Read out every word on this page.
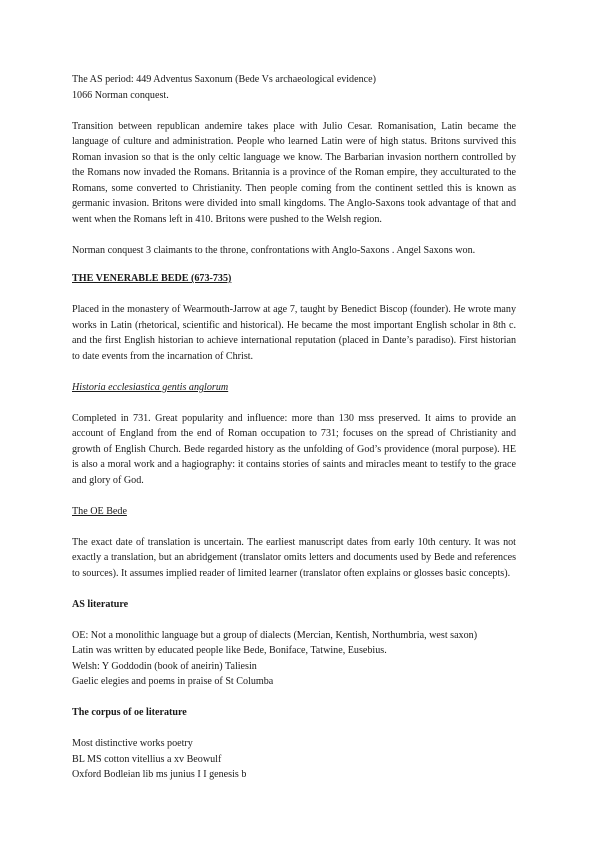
The AS period: 449 Adventus Saxonum (Bede Vs archaeological evidence)

1066 Norman conquest.

Transition between republican andemire takes place with Julio Cesar. Romanisation, Latin became the language of culture and administration. People who learned Latin were of high status. Britons survived this Roman invasion so that is the only celtic language we know. The Barbarian invasion northern controlled by the Romans now invaded the Romans. Britannia is a province of the Roman empire, they acculturated to the Romans, some converted to Christianity. Then people coming from the continent settled this is known as germanic invasion. Britons were divided into small kingdoms. The Anglo-Saxons took advantage of that and went when the Romans left in 410. Britons were pushed to the Welsh region.

Norman conquest 3 claimants to the throne, confrontations with Anglo-Saxons . Angel Saxons won.

THE VENERABLE BEDE (673-735)

Placed in the monastery of Wearmouth-Jarrow at age 7, taught by Benedict Biscop (founder). He wrote many works in Latin (rhetorical, scientific and historical). He became the most important English scholar in 8th c. and the first English historian to achieve international reputation (placed in Dante’s paradiso). First historian to date events from the incarnation of Christ.

Historia ecclesiastica gentis anglorum

Completed in 731. Great popularity and influence: more than 130 mss preserved. It aims to provide an account of England from the end of Roman occupation to 731; focuses on the spread of Christianity and growth of English Church. Bede regarded history as the unfolding of God’s providence (moral purpose). HE is also a moral work and a hagiography: it contains stories of saints and miracles meant to testify to the grace and glory of God.

The OE Bede

The exact date of translation is uncertain. The earliest manuscript dates from early 10th century. It was not exactly a translation, but an abridgement (translator omits letters and documents used by Bede and references to sources). It assumes implied reader of limited learner (translator often explains or glosses basic concepts).

AS literature

OE: Not a monolithic language but a group of dialects (Mercian, Kentish, Northumbria, west saxon)

Latin was written by educated people like Bede, Boniface, Tatwine, Eusebius.

Welsh: Y Goddodin (book of aneirin) Taliesin

Gaelic elegies and poems in praise of St Columba

The corpus of oe literature

Most distinctive works poetry

BL MS cotton vitellius a xv Beowulf

Oxford Bodleian lib ms junius I I genesis b
